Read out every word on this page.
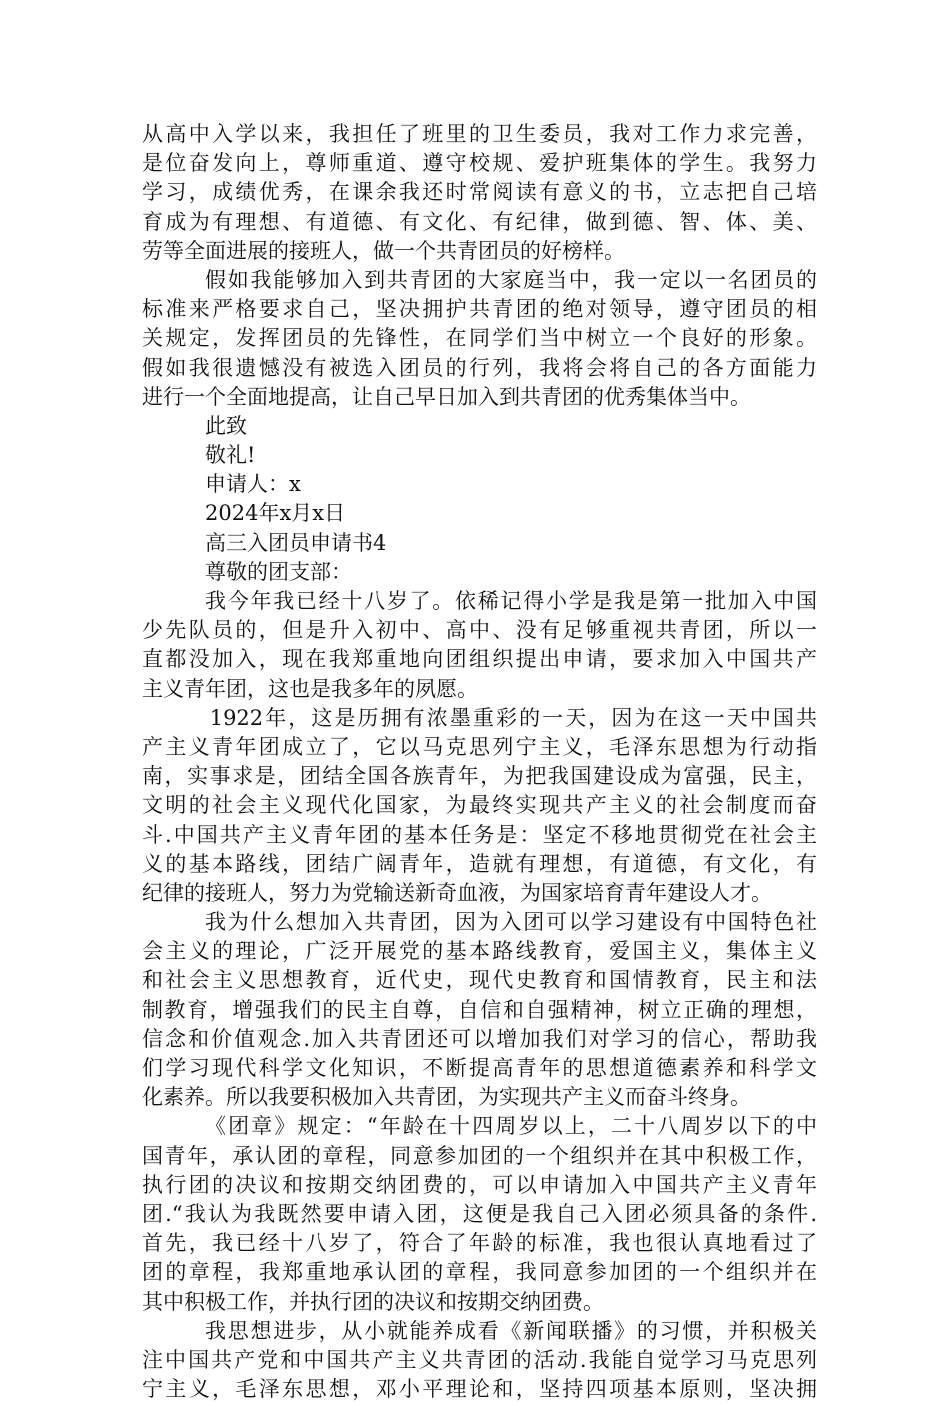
从高中入学以来，我担任了班里的卫生委员，我对工作力求完善，
是位奋发向上，尊师重道、遵守校规、爱护班集体的学生。我努力
学习，成绩优秀，在课余我还时常阅读有意义的书，立志把自己培
育成为有理想、有道德、有文化、有纪律，做到德、智、体、美、
劳等全面进展的接班人，做一个共青团员的好榜样。
假如我能够加入到共青团的大家庭当中，我一定以一名团员的
标准来严格要求自己，坚决拥护共青团的绝对领导，遵守团员的相
关规定，发挥团员的先锋性，在同学们当中树立一个良好的形象。
假如我很遗憾没有被选入团员的行列，我将会将自己的各方面能力
进行一个全面地提高，让自己早日加入到共青团的优秀集体当中。
此致
敬礼!
申请人：x
2024年x月x日
高三入团员申请书4
尊敬的团支部：
我今年我已经十八岁了。依稀记得小学是我是第一批加入中国
少先队员的，但是升入初中、高中、没有足够重视共青团，所以一
直都没加入，现在我郑重地向团组织提出申请，要求加入中国共产
主义青年团，这也是我多年的夙愿。
1922年，这是历拥有浓墨重彩的一天，因为在这一天中国共
产主义青年团成立了，它以马克思列宁主义，毛泽东思想为行动指
南，实事求是，团结全国各族青年，为把我国建设成为富强，民主，
文明的社会主义现代化国家，为最终实现共产主义的社会制度而奋
斗.中国共产主义青年团的基本任务是：坚定不移地贯彻党在社会主
义的基本路线，团结广阔青年，造就有理想，有道德，有文化，有
纪律的接班人，努力为党输送新奇血液，为国家培育青年建设人才。
我为什么想加入共青团，因为入团可以学习建设有中国特色社
会主义的理论，广泛开展党的基本路线教育，爱国主义，集体主义
和社会主义思想教育，近代史，现代史教育和国情教育，民主和法
制教育，增强我们的民主自尊，自信和自强精神，树立正确的理想，
信念和价值观念.加入共青团还可以增加我们对学习的信心，帮助我
们学习现代科学文化知识，不断提高青年的思想道德素养和科学文
化素养。所以我要积极加入共青团，为实现共产主义而奋斗终身。
《团章》规定：“年龄在十四周岁以上，二十八周岁以下的中
国青年，承认团的章程，同意参加团的一个组织并在其中积极工作，
执行团的决议和按期交纳团费的，可以申请加入中国共产主义青年
团.“我认为我既然要申请入团，这便是我自己入团必须具备的条件.
首先，我已经十八岁了，符合了年龄的标准，我也很认真地看过了
团的章程，我郑重地承认团的章程，我同意参加团的一个组织并在
其中积极工作，并执行团的决议和按期交纳团费。
我思想进步，从小就能养成看《新闻联播》的习惯，并积极关
注中国共产党和中国共产主义共青团的活动.我能自觉学习马克思列
宁主义，毛泽东思想，邓小平理论和，坚持四项基本原则，坚决拥
